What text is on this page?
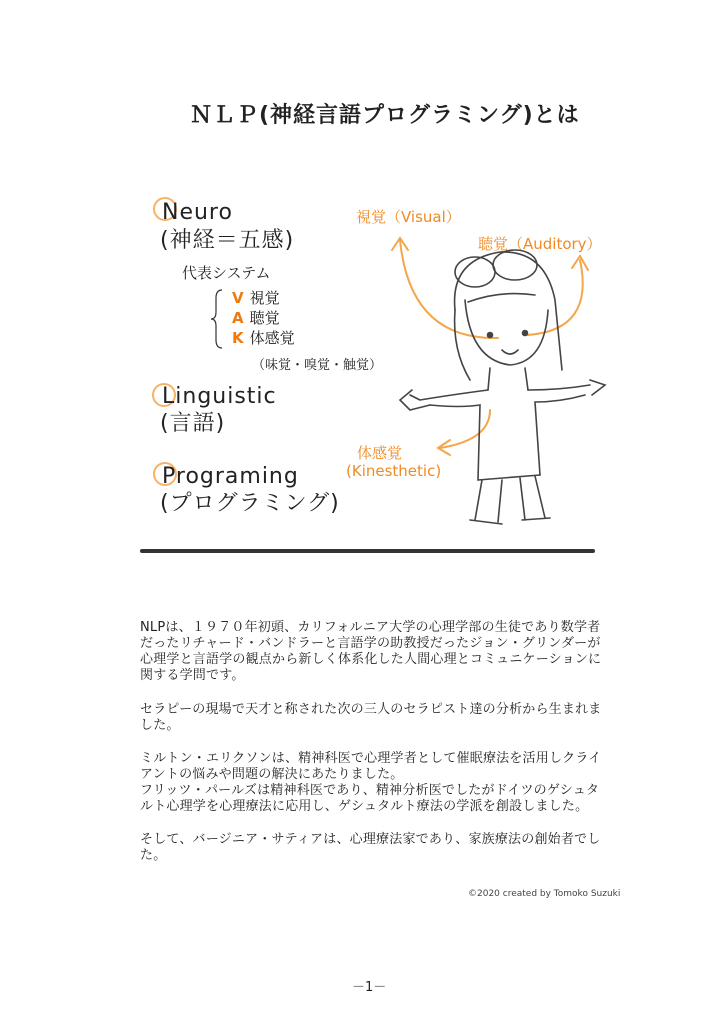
ＮＬＰ(神経言語プログラミング)とは
Neuro
(神経＝五感)
代表システム
V 視覚
A 聴覚
K 体感覚
（味覚・嗅覚・触覚）
Linguistic
(言語)
Programing
(プログラミング)
視覚（Visual）
聴覚（Auditory）
体感覚
(Kinesthetic)
NLPは、１９７０年初頭、カリフォルニア大学の心理学部の生徒であり数学者だったリチャード・バンドラーと言語学の助教授だったジョン・グリンダーが心理学と言語学の観点から新しく体系化した人間心理とコミュニケーションに関する学問です。
セラピーの現場で天才と称された次の三人のセラピスト達の分析から生まれました。
ミルトン・エリクソンは、精神科医で心理学者として催眠療法を活用しクライアントの悩みや問題の解決にあたりました。
フリッツ・パールズは精神科医であり、精神分析医でしたがドイツのゲシュタルト心理学を心理療法に応用し、ゲシュタルト療法の学派を創設しました。
そして、バージニア・サティアは、心理療法家であり、家族療法の創始者でした。
©2020 created by Tomoko Suzuki
－1－
